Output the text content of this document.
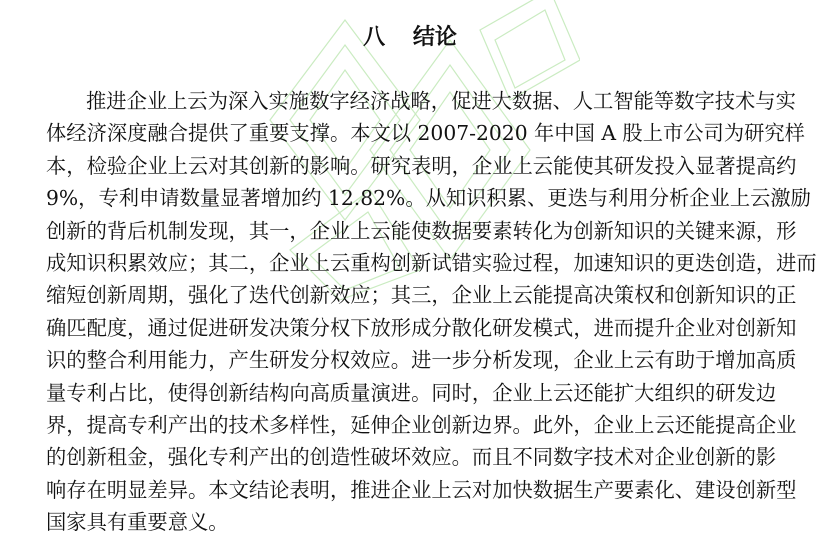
八 结论

推进企业上云为深入实施数字经济战略，促进大数据、人工智能等数字技术与实
体经济深度融合提供了重要支撑。本文以 2007-2020 年中国 A 股上市公司为研究样
本，检验企业上云对其创新的影响。研究表明，企业上云能使其研发投入显著提高约
9%，专利申请数量显著增加约 12.82%。从知识积累、更迭与利用分析企业上云激励
创新的背后机制发现，其一，企业上云能使数据要素转化为创新知识的关键来源，形
成知识积累效应；其二，企业上云重构创新试错实验过程，加速知识的更迭创造，进而
缩短创新周期，强化了迭代创新效应；其三，企业上云能提高决策权和创新知识的正
确匹配度，通过促进研发决策分权下放形成分散化研发模式，进而提升企业对创新知
识的整合利用能力，产生研发分权效应。进一步分析发现，企业上云有助于增加高质
量专利占比，使得创新结构向高质量演进。同时，企业上云还能扩大组织的研发边
界，提高专利产出的技术多样性，延伸企业创新边界。此外，企业上云还能提高企业
的创新租金，强化专利产出的创造性破坏效应。而且不同数字技术对企业创新的影
响存在明显差异。本文结论表明，推进企业上云对加快数据生产要素化、建设创新型
国家具有重要意义。
